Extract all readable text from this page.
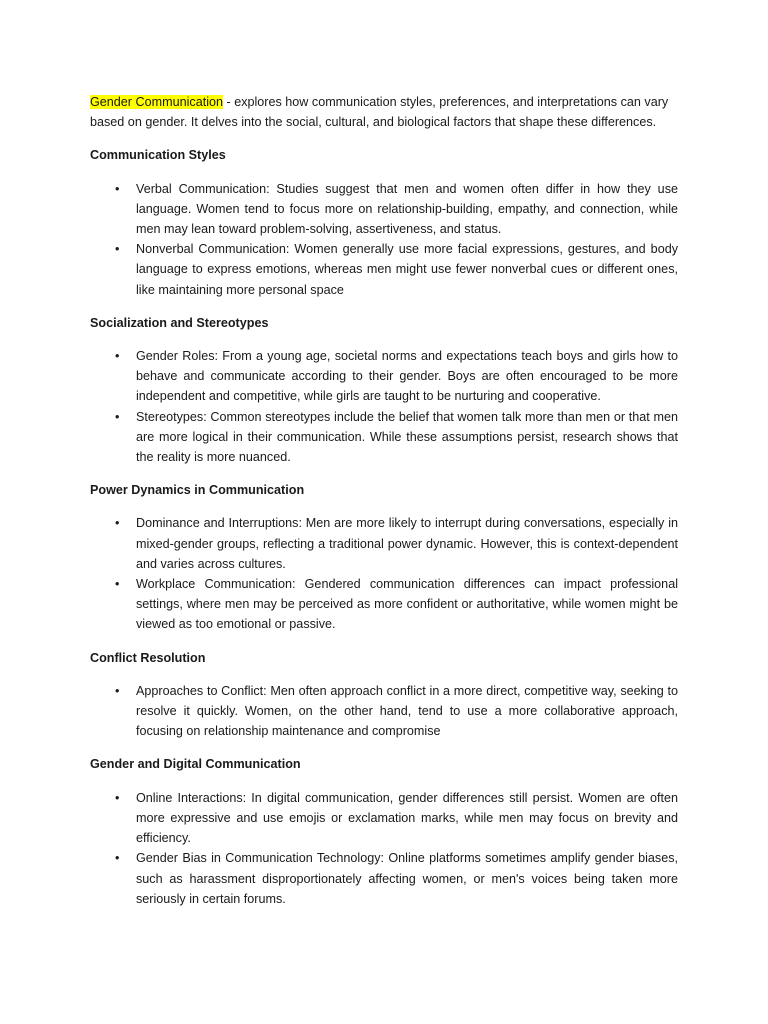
Gender Communication - explores how communication styles, preferences, and interpretations can vary based on gender. It delves into the social, cultural, and biological factors that shape these differences.

Communication Styles
• Verbal Communication: Studies suggest that men and women often differ in how they use language. Women tend to focus more on relationship-building, empathy, and connection, while men may lean toward problem-solving, assertiveness, and status.
• Nonverbal Communication: Women generally use more facial expressions, gestures, and body language to express emotions, whereas men might use fewer nonverbal cues or different ones, like maintaining more personal space
Socialization and Stereotypes
• Gender Roles: From a young age, societal norms and expectations teach boys and girls how to behave and communicate according to their gender. Boys are often encouraged to be more independent and competitive, while girls are taught to be nurturing and cooperative.
• Stereotypes: Common stereotypes include the belief that women talk more than men or that men are more logical in their communication. While these assumptions persist, research shows that the reality is more nuanced.
Power Dynamics in Communication
• Dominance and Interruptions: Men are more likely to interrupt during conversations, especially in mixed-gender groups, reflecting a traditional power dynamic. However, this is context-dependent and varies across cultures.
• Workplace Communication: Gendered communication differences can impact professional settings, where men may be perceived as more confident or authoritative, while women might be viewed as too emotional or passive.
Conflict Resolution
• Approaches to Conflict: Men often approach conflict in a more direct, competitive way, seeking to resolve it quickly. Women, on the other hand, tend to use a more collaborative approach, focusing on relationship maintenance and compromise
Gender and Digital Communication
• Online Interactions: In digital communication, gender differences still persist. Women are often more expressive and use emojis or exclamation marks, while men may focus on brevity and efficiency.
• Gender Bias in Communication Technology: Online platforms sometimes amplify gender biases, such as harassment disproportionately affecting women, or men's voices being taken more seriously in certain forums.
